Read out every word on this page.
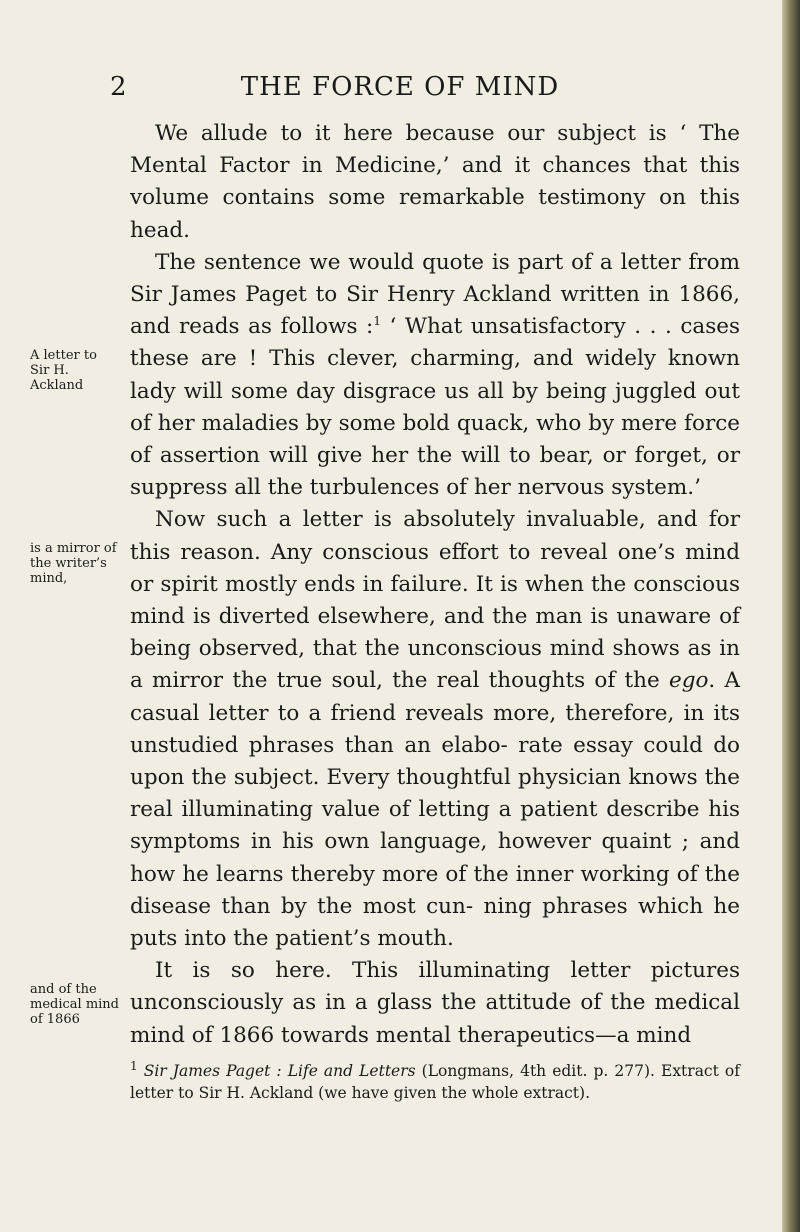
2	THE FORCE OF MIND
A letter to Sir H. Ackland
is a mirror of the writer’s mind,
and of the medical mind of 1866

We allude to it here because our subject is ‘ The Mental Factor in Medicine,’ and it chances that this volume contains some remarkable testimony on this head.

The sentence we would quote is part of a letter from Sir James Paget to Sir Henry Ackland written in 1866, and reads as follows :$^1$ ‘ What unsatisfactory . . . cases these are ! This clever, charming, and widely known lady will some day disgrace us all by being juggled out of her maladies by some bold quack, who by mere force of assertion will give her the will to bear, or forget, or suppress all the turbulences of her nervous system.’

Now such a letter is absolutely invaluable, and for this reason. Any conscious effort to reveal one’s mind or spirit mostly ends in failure. It is when the conscious mind is diverted elsewhere, and the man is unaware of being observed, that the unconscious mind shows as in a mirror the true soul, the real thoughts of the ego. A casual letter to a friend reveals more, therefore, in its unstudied phrases than an elabo- rate essay could do upon the subject. Every thoughtful physician knows the real illuminating value of letting a patient describe his symptoms in his own language, however quaint ; and how he learns thereby more of the inner working of the disease than by the most cun- ning phrases which he puts into the patient’s mouth.

It is so here. This illuminating letter pictures unconsciously as in a glass the attitude of the medical mind of 1866 towards mental therapeutics—a mind

$^1$ Sir James Paget : Life and Letters (Longmans, 4th edit. p. 277). Extract of letter to Sir H. Ackland (we have given the whole extract).
